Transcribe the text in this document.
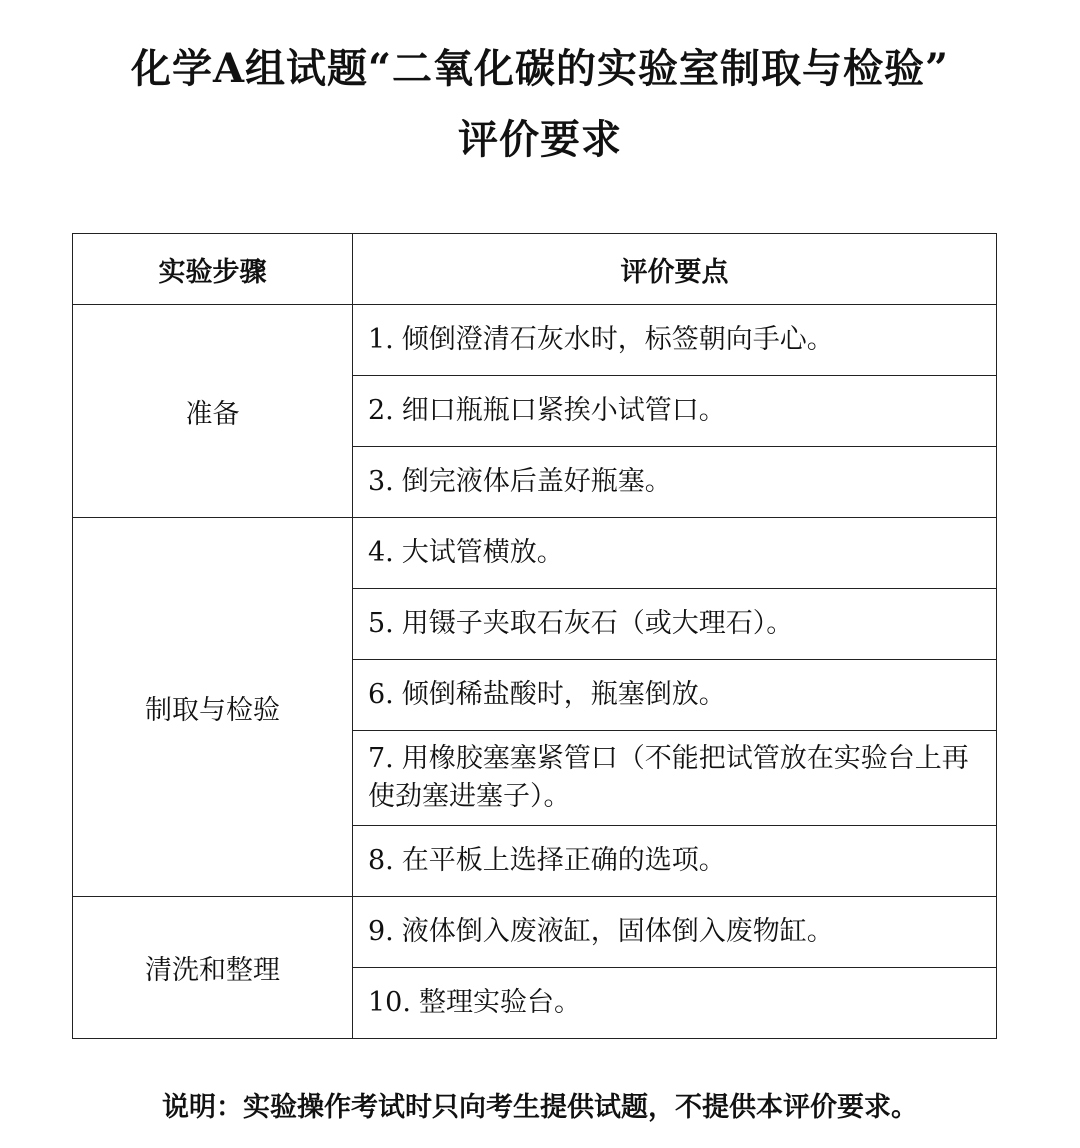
化学A组试题“二氧化碳的实验室制取与检验”
评价要求
实验步骤	评价要点
准备	1. 倾倒澄清石灰水时，标签朝向手心。
	2. 细口瓶瓶口紧挨小试管口。
	3. 倒完液体后盖好瓶塞。
制取与检验	4. 大试管横放。
	5. 用镊子夹取石灰石（或大理石）。
	6. 倾倒稀盐酸时，瓶塞倒放。
	7. 用橡胶塞塞紧管口（不能把试管放在实验台上再使劲塞进塞子）。
	8. 在平板上选择正确的选项。
清洗和整理	9. 液体倒入废液缸，固体倒入废物缸。
	10. 整理实验台。
说明：实验操作考试时只向考生提供试题，不提供本评价要求。
